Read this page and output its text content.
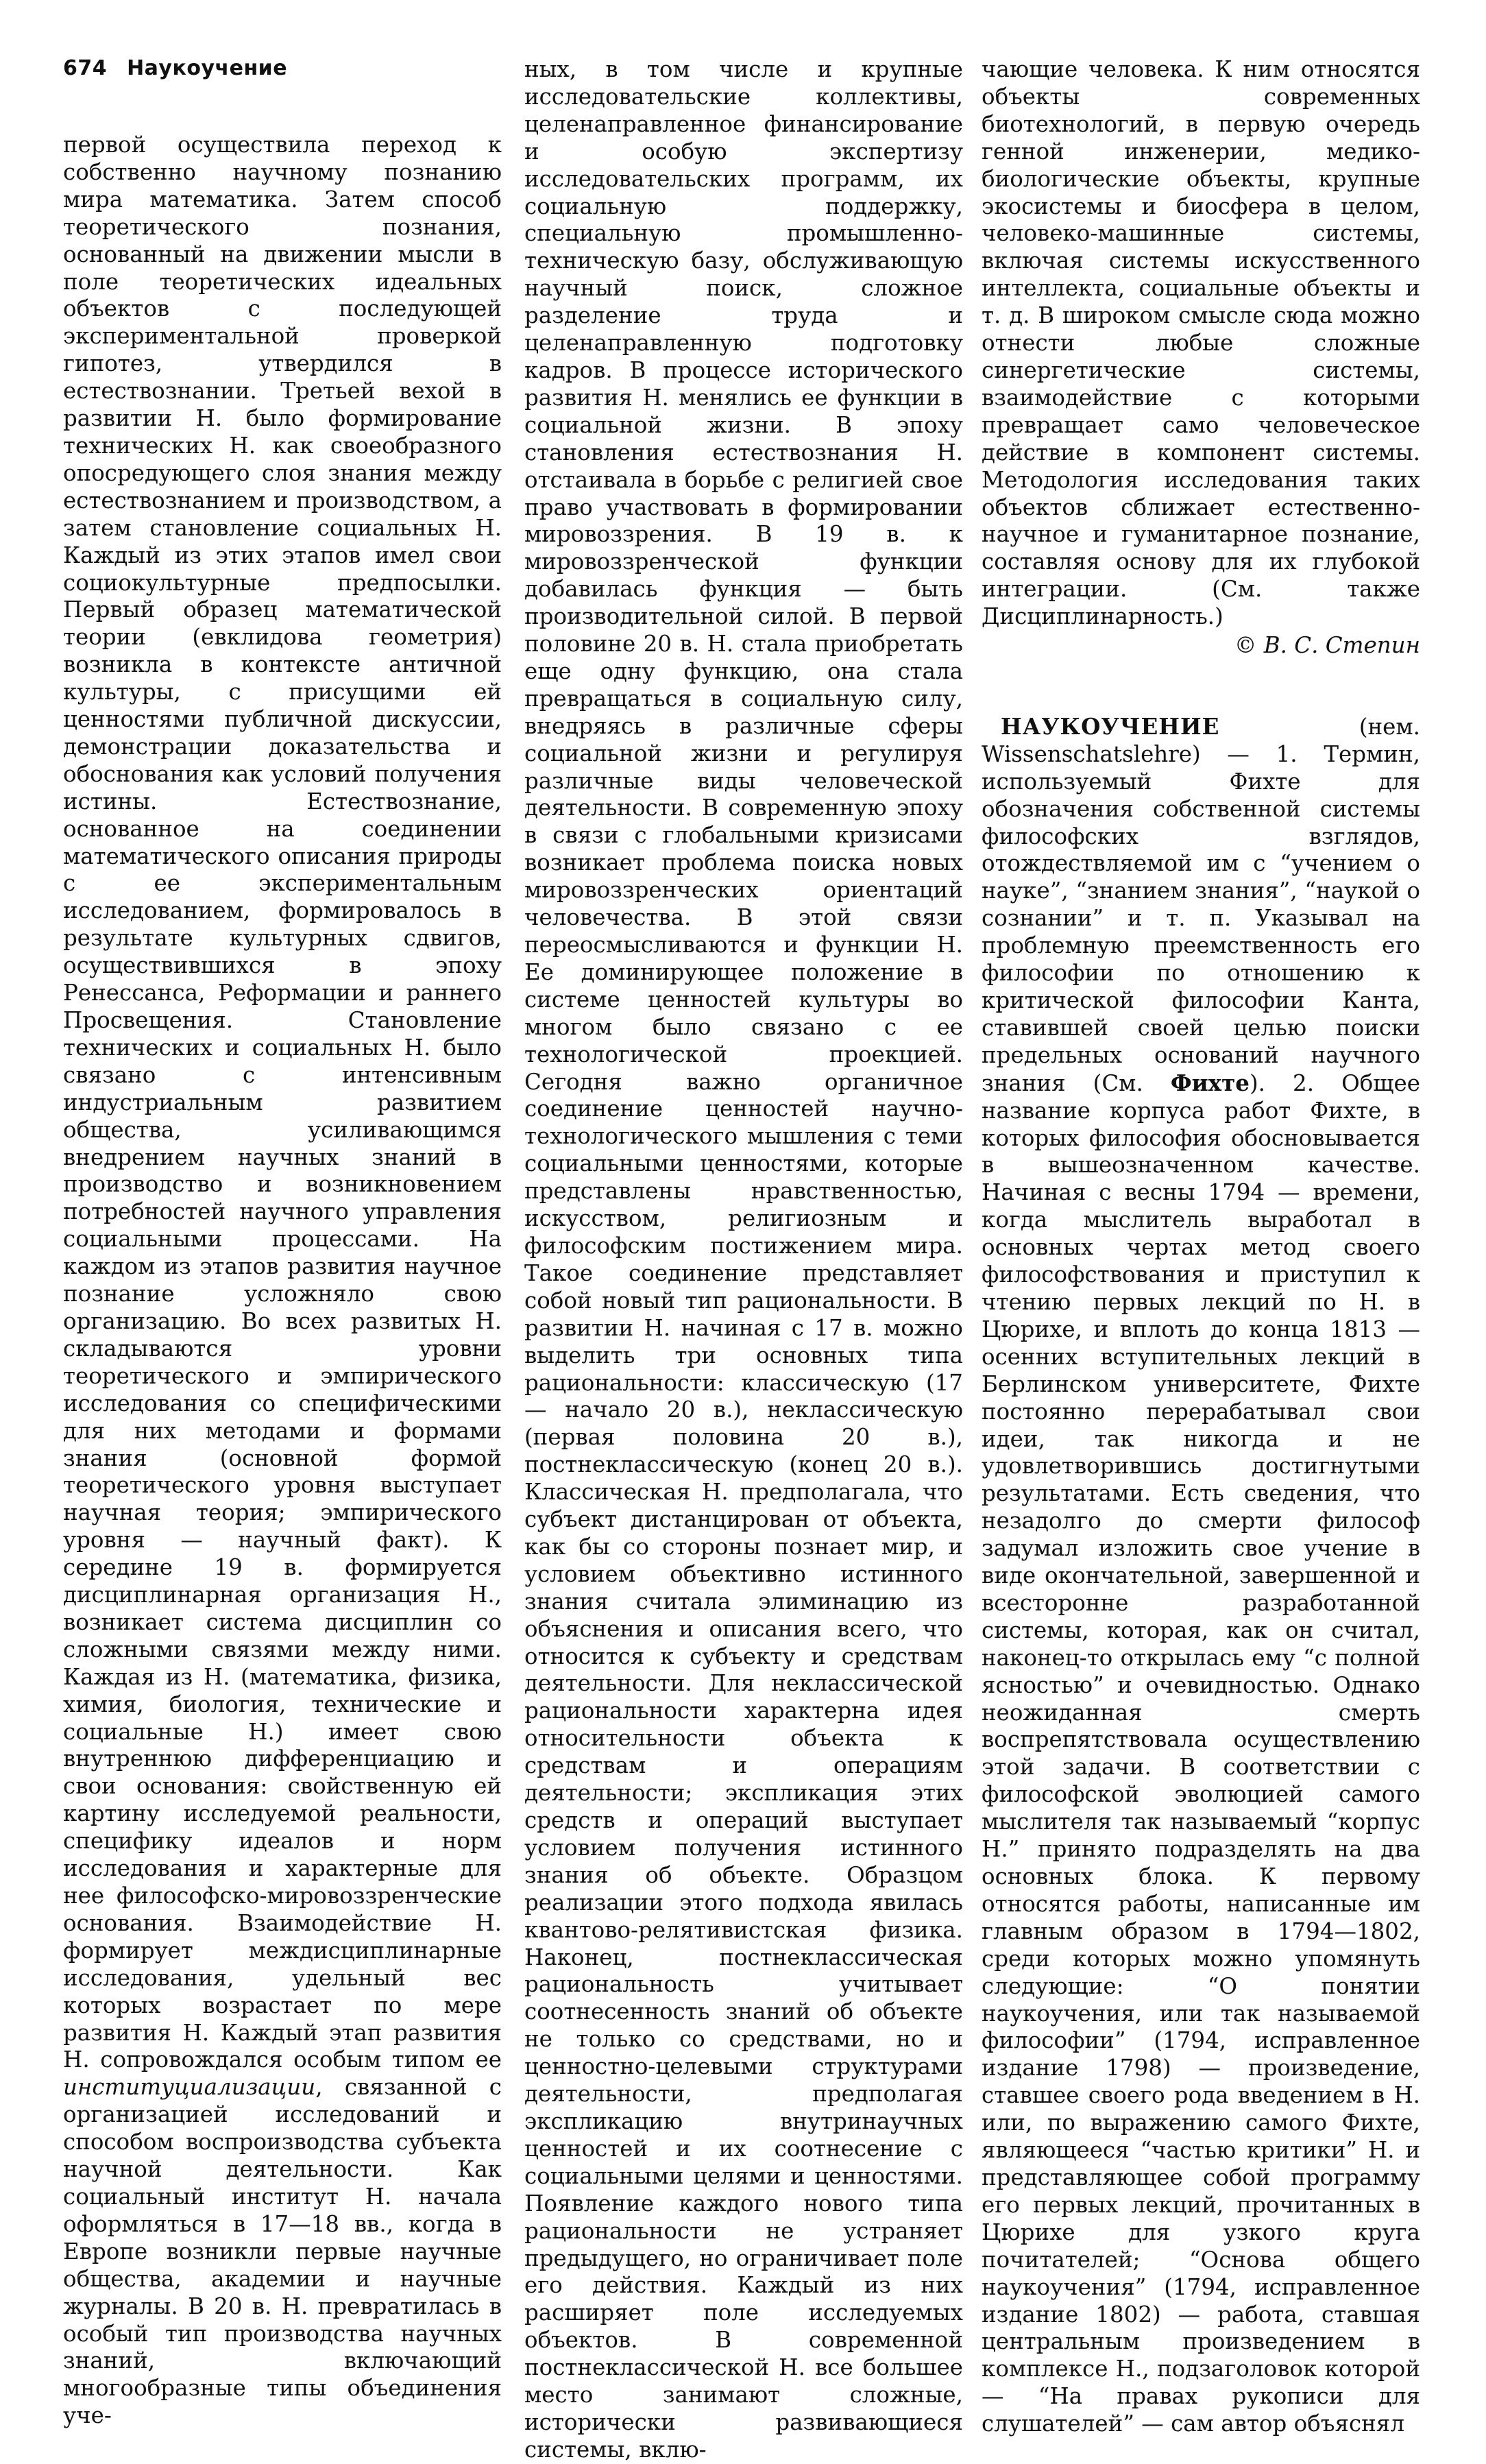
674 Наукоучение

первой осуществила переход к собственно научному познанию мира математика. Затем способ теоретического познания, основанный на движении мысли в поле теоретических идеальных объектов с последующей экспериментальной проверкой гипотез, утвердился в естествознании. Третьей вехой в развитии Н. было формирование технических Н. как своеобразного опосредующего слоя знания между естествознанием и производством, а затем становление социальных Н. Каждый из этих этапов имел свои социокультурные предпосылки. Первый образец математической теории (евклидова геометрия) возникла в контексте античной культуры, с присущими ей ценностями публичной дискуссии, демонстрации доказательства и обоснования как условий получения истины. Естествознание, основанное на соединении математического описания природы с ее экспериментальным исследованием, формировалось в результате культурных сдвигов, осуществившихся в эпоху Ренессанса, Реформации и раннего Просвещения. Становление технических и социальных Н. было связано с интенсивным индустриальным развитием общества, усиливающимся внедрением научных знаний в производство и возникновением потребностей научного управления социальными процессами. На каждом из этапов развития научное познание усложняло свою организацию. Во всех развитых Н. складываются уровни теоретического и эмпирического исследования со специфическими для них методами и формами знания (основной формой теоретического уровня выступает научная теория; эмпирического уровня — научный факт). К середине 19 в. формируется дисциплинарная организация Н., возникает система дисциплин со сложными связями между ними. Каждая из Н. (математика, физика, химия, биология, технические и социальные Н.) имеет свою внутреннюю дифференциацию и свои основания: свойственную ей картину исследуемой реальности, специфику идеалов и норм исследования и характерные для нее философско-мировоззренческие основания. Взаимодействие Н. формирует междисциплинарные исследования, удельный вес которых возрастает по мере развития Н. Каждый этап развития Н. сопровождался особым типом ее институциализации, связанной с организацией исследований и способом воспроизводства субъекта научной деятельности. Как социальный институт Н. начала оформляться в 17—18 вв., когда в Европе возникли первые научные общества, академии и научные журналы. В 20 в. Н. превратилась в особый тип производства научных знаний, включающий многообразные типы объединения уче-

ных, в том числе и крупные исследовательские коллективы, целенаправленное финансирование и особую экспертизу исследовательских программ, их социальную поддержку, специальную промышленно-техническую базу, обслуживающую научный поиск, сложное разделение труда и целенаправленную подготовку кадров. В процессе исторического развития Н. менялись ее функции в социальной жизни. В эпоху становления естествознания Н. отстаивала в борьбе с религией свое право участвовать в формировании мировоззрения. В 19 в. к мировоззренческой функции добавилась функция — быть производительной силой. В первой половине 20 в. Н. стала приобретать еще одну функцию, она стала превращаться в социальную силу, внедряясь в различные сферы социальной жизни и регулируя различные виды человеческой деятельности. В современную эпоху в связи с глобальными кризисами возникает проблема поиска новых мировоззренческих ориентаций человечества. В этой связи переосмысливаются и функции Н. Ее доминирующее положение в системе ценностей культуры во многом было связано с ее технологической проекцией. Сегодня важно органичное соединение ценностей научно-технологического мышления с теми социальными ценностями, которые представлены нравственностью, искусством, религиозным и философским постижением мира. Такое соединение представляет собой новый тип рациональности. В развитии Н. начиная с 17 в. можно выделить три основных типа рациональности: классическую (17 — начало 20 в.), неклассическую (первая половина 20 в.), постнеклассическую (конец 20 в.). Классическая Н. предполагала, что субъект дистанцирован от объекта, как бы со стороны познает мир, и условием объективно истинного знания считала элиминацию из объяснения и описания всего, что относится к субъекту и средствам деятельности. Для неклассической рациональности характерна идея относительности объекта к средствам и операциям деятельности; экспликация этих средств и операций выступает условием получения истинного знания об объекте. Образцом реализации этого подхода явилась квантово-релятивистская физика. Наконец, постнеклассическая рациональность учитывает соотнесенность знаний об объекте не только со средствами, но и ценностно-целевыми структурами деятельности, предполагая экспликацию внутринаучных ценностей и их соотнесение с социальными целями и ценностями. Появление каждого нового типа рациональности не устраняет предыдущего, но ограничивает поле его действия. Каждый из них расширяет поле исследуемых объектов. В современной постнеклассической Н. все большее место занимают сложные, исторически развивающиеся системы, вклю-

чающие человека. К ним относятся объекты современных биотехнологий, в первую очередь генной инженерии, медико-биологические объекты, крупные экосистемы и биосфера в целом, человеко-машинные системы, включая системы искусственного интеллекта, социальные объекты и т. д. В широком смысле сюда можно отнести любые сложные синергетические системы, взаимодействие с которыми превращает само человеческое действие в компонент системы. Методология исследования таких объектов сближает естественно-научное и гуманитарное познание, составляя основу для их глубокой интеграции. (См. также Дисциплинарность.)

© В. С. Степин

НАУКОУЧЕНИЕ (нем. Wissenschatslehre) — 1. Термин, используемый Фихте для обозначения собственной системы философских взглядов, отождествляемой им с “учением о науке”, “знанием знания”, “наукой о сознании” и т. п. Указывал на проблемную преемственность его философии по отношению к критической философии Канта, ставившей своей целью поиски предельных оснований научного знания (См. Фихте). 2. Общее название корпуса работ Фихте, в которых философия обосновывается в вышеозначенном качестве. Начиная с весны 1794 — времени, когда мыслитель выработал в основных чертах метод своего философствования и приступил к чтению первых лекций по Н. в Цюрихе, и вплоть до конца 1813 — осенних вступительных лекций в Берлинском университете, Фихте постоянно перерабатывал свои идеи, так никогда и не удовлетворившись достигнутыми результатами. Есть сведения, что незадолго до смерти философ задумал изложить свое учение в виде окончательной, завершенной и всесторонне разработанной системы, которая, как он считал, наконец-то открылась ему “с полной ясностью” и очевидностью. Однако неожиданная смерть воспрепятствовала осуществлению этой задачи. В соответствии с философской эволюцией самого мыслителя так называемый “корпус Н.” принято подразделять на два основных блока. К первому относятся работы, написанные им главным образом в 1794—1802, среди которых можно упомянуть следующие: “О понятии наукоучения, или так называемой философии” (1794, исправленное издание 1798) — произведение, ставшее своего рода введением в Н. или, по выражению самого Фихте, являющееся “частью критики” Н. и представляющее собой программу его первых лекций, прочитанных в Цюрихе для узкого круга почитателей; “Основа общего наукоучения” (1794, исправленное издание 1802) — работа, ставшая центральным произведением в комплексе Н., подзаголовок которой — “На правах рукописи для слушателей” — сам автор объяснял
